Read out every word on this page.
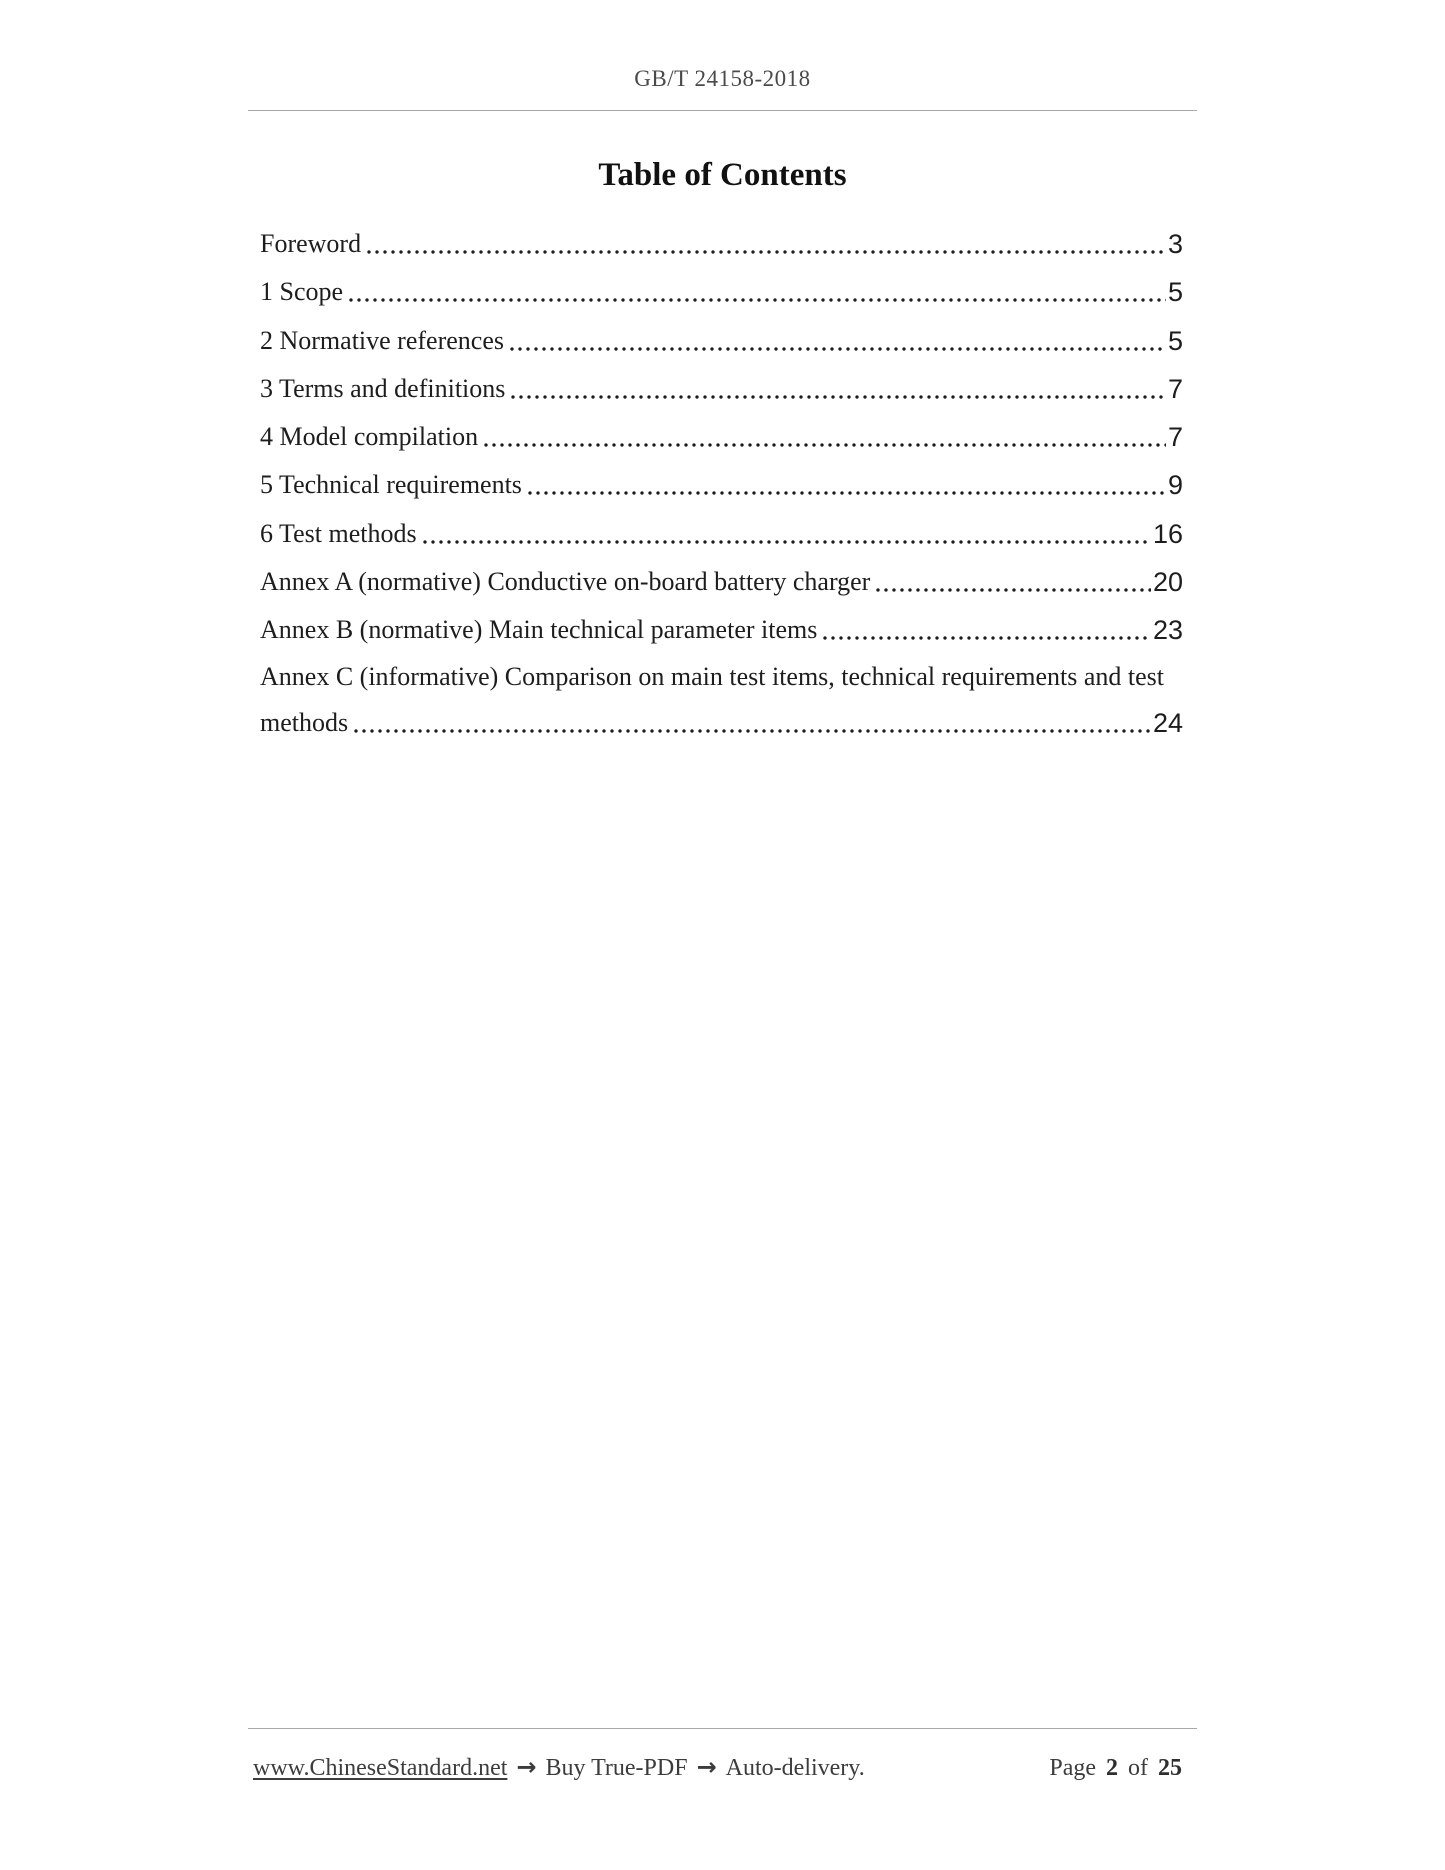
GB/T 24158-2018
Table of Contents
Foreword	3
1 Scope	5
2 Normative references	5
3 Terms and definitions	7
4 Model compilation	7
5 Technical requirements	9
6 Test methods	16
Annex A (normative) Conductive on-board battery charger	20
Annex B (normative) Main technical parameter items	23
Annex C (informative) Comparison on main test items, technical requirements and test
methods	24
www.ChineseStandard.net → Buy True-PDF → Auto-delivery.	Page 2 of 25
